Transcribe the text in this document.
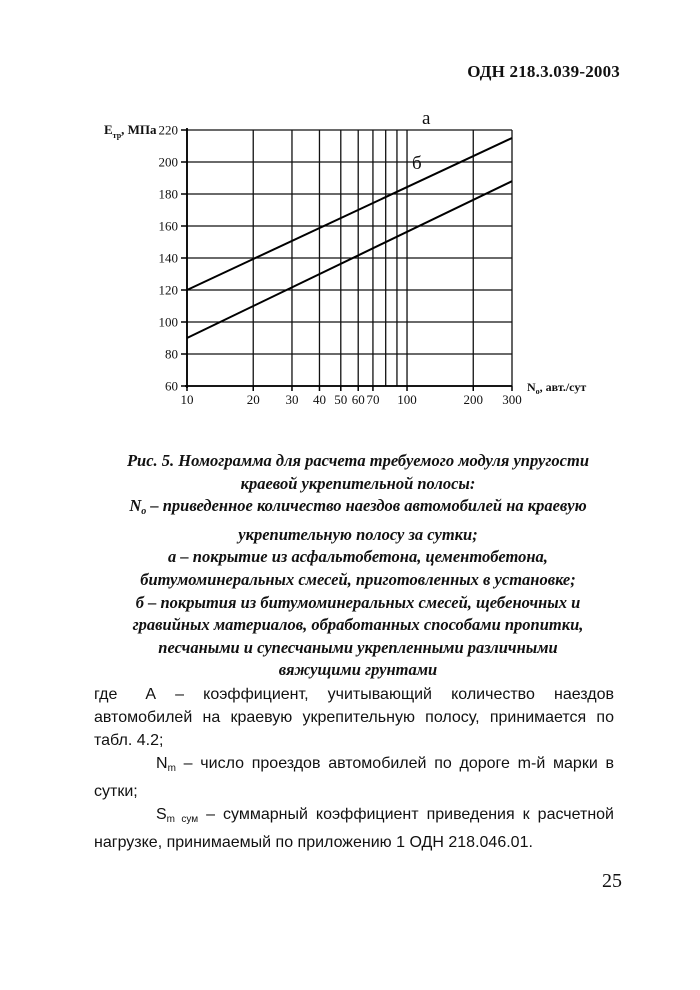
ОДН 218.3.039-2003
а
б
60
80
100
120
140
160
180
200
220
10	20 30 40 50 60 70 100	200 300
$Е_{тр}$, МПа
$N_о$, авт./сут
Рис. 5. Номограмма для расчета требуемого модуля упругости
краевой укрепительной полосы:
$N_о$ – приведенное количество наездов автомобилей на краевую
укрепительную полосу за сутки;
а – покрытие из асфальтобетона, цементобетона,
битумоминеральных смесей, приготовленных в установке;
б – покрытия из битумоминеральных смесей, щебеночных и
гравийных материалов, обработанных способами пропитки,
песчаными и супесчаными укрепленными различными
вяжущими грунтами
где А – коэффициент, учитывающий количество наездов
автомобилей на краевую укрепительную полосу, принимается по
табл. 4.2;
$N_m$ – число проездов автомобилей по дороге m-й марки в
сутки;
$S_{m сум}$ – суммарный коэффициент приведения к расчетной
нагрузке, принимаемый по приложению 1 ОДН 218.046.01.
25
